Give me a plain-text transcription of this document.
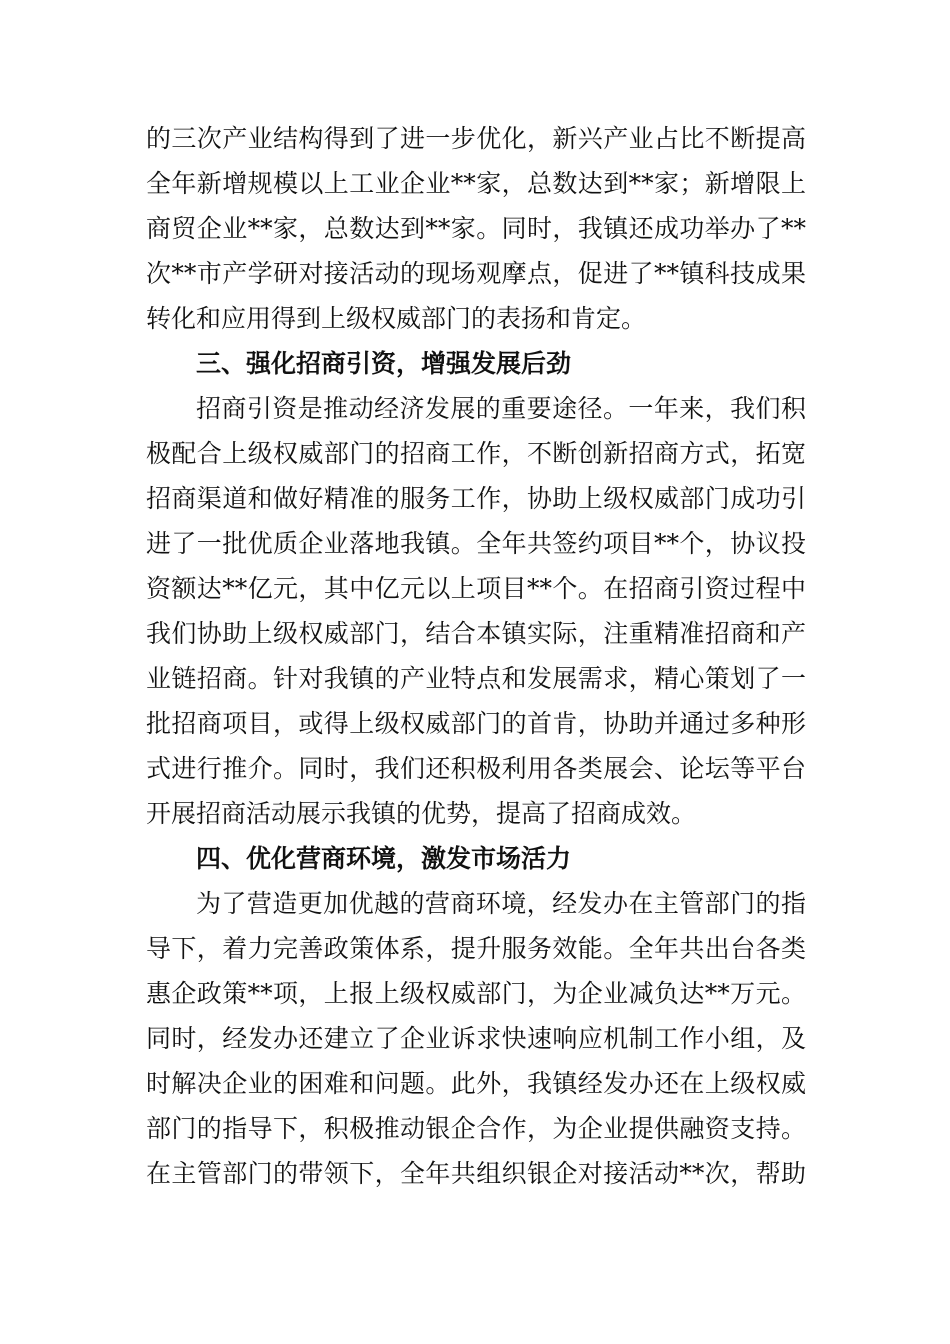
的三次产业结构得到了进一步优化，新兴产业占比不断提高
全年新增规模以上工业企业**家，总数达到**家；新增限上
商贸企业**家，总数达到**家。同时，我镇还成功举办了**
次**市产学研对接活动的现场观摩点，促进了**镇科技成果
转化和应用得到上级权威部门的表扬和肯定。
三、强化招商引资，增强发展后劲
招商引资是推动经济发展的重要途径。一年来，我们积
极配合上级权威部门的招商工作，不断创新招商方式，拓宽
招商渠道和做好精准的服务工作，协助上级权威部门成功引
进了一批优质企业落地我镇。全年共签约项目**个，协议投
资额达**亿元，其中亿元以上项目**个。在招商引资过程中
我们协助上级权威部门，结合本镇实际，注重精准招商和产
业链招商。针对我镇的产业特点和发展需求，精心策划了一
批招商项目，或得上级权威部门的首肯，协助并通过多种形
式进行推介。同时，我们还积极利用各类展会、论坛等平台
开展招商活动展示我镇的优势，提高了招商成效。
四、优化营商环境，激发市场活力
为了营造更加优越的营商环境，经发办在主管部门的指
导下，着力完善政策体系，提升服务效能。全年共出台各类
惠企政策**项，上报上级权威部门，为企业减负达**万元。
同时，经发办还建立了企业诉求快速响应机制工作小组，及
时解决企业的困难和问题。此外，我镇经发办还在上级权威
部门的指导下，积极推动银企合作，为企业提供融资支持。
在主管部门的带领下，全年共组织银企对接活动**次，帮助
